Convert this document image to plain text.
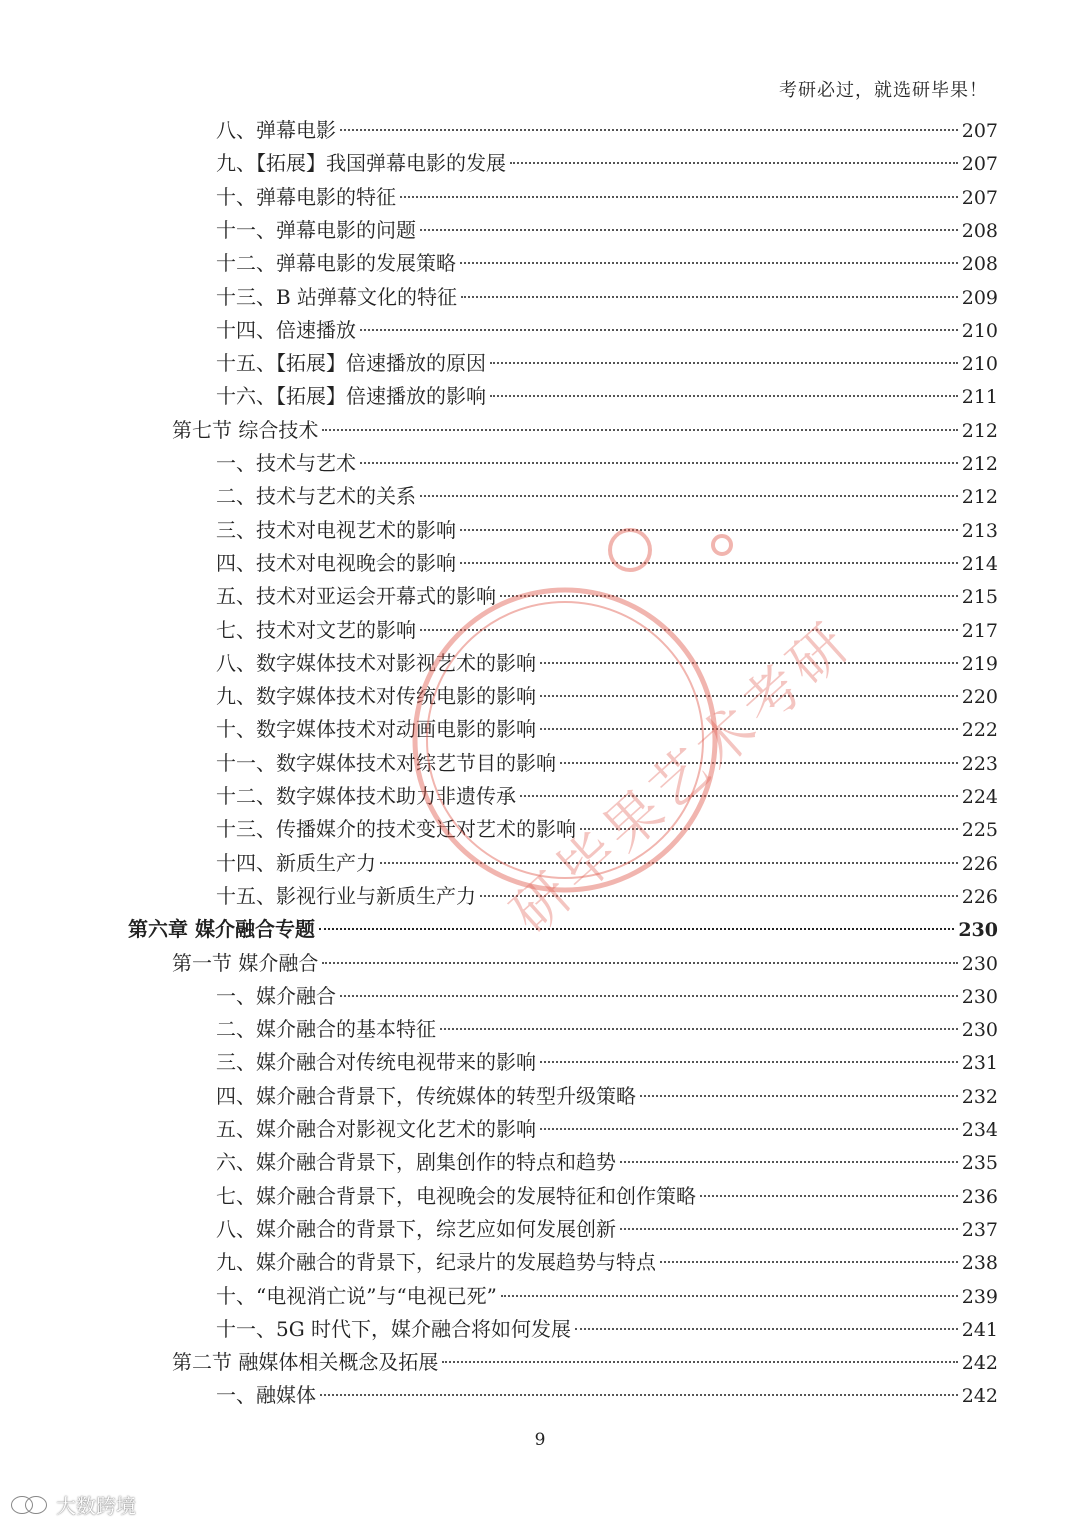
考研必过，就选研毕果！
八、弹幕电影	207
九、【拓展】我国弹幕电影的发展	207
十、弹幕电影的特征	207
十一、弹幕电影的问题	208
十二、弹幕电影的发展策略	208
十三、B 站弹幕文化的特征	209
十四、倍速播放	210
十五、【拓展】倍速播放的原因	210
十六、【拓展】倍速播放的影响	211
第七节 综合技术	212
一、技术与艺术	212
二、技术与艺术的关系	212
三、技术对电视艺术的影响	213
四、技术对电视晚会的影响	214
五、技术对亚运会开幕式的影响	215
七、技术对文艺的影响	217
八、数字媒体技术对影视艺术的影响	219
九、数字媒体技术对传统电影的影响	220
十、数字媒体技术对动画电影的影响	222
十一、数字媒体技术对综艺节目的影响	223
十二、数字媒体技术助力非遗传承	224
十三、传播媒介的技术变迁对艺术的影响	225
十四、新质生产力	226
十五、影视行业与新质生产力	226
第六章 媒介融合专题	230
第一节 媒介融合	230
一、媒介融合	230
二、媒介融合的基本特征	230
三、媒介融合对传统电视带来的影响	231
四、媒介融合背景下，传统媒体的转型升级策略	232
五、媒介融合对影视文化艺术的影响	234
六、媒介融合背景下，剧集创作的特点和趋势	235
七、媒介融合背景下，电视晚会的发展特征和创作策略	236
八、媒介融合的背景下，综艺应如何发展创新	237
九、媒介融合的背景下，纪录片的发展趋势与特点	238
十、“电视消亡说”与“电视已死”	239
十一、5G 时代下，媒介融合将如何发展	241
第二节 融媒体相关概念及拓展	242
一、融媒体	242
9
研毕果艺术考研
大数跨境
